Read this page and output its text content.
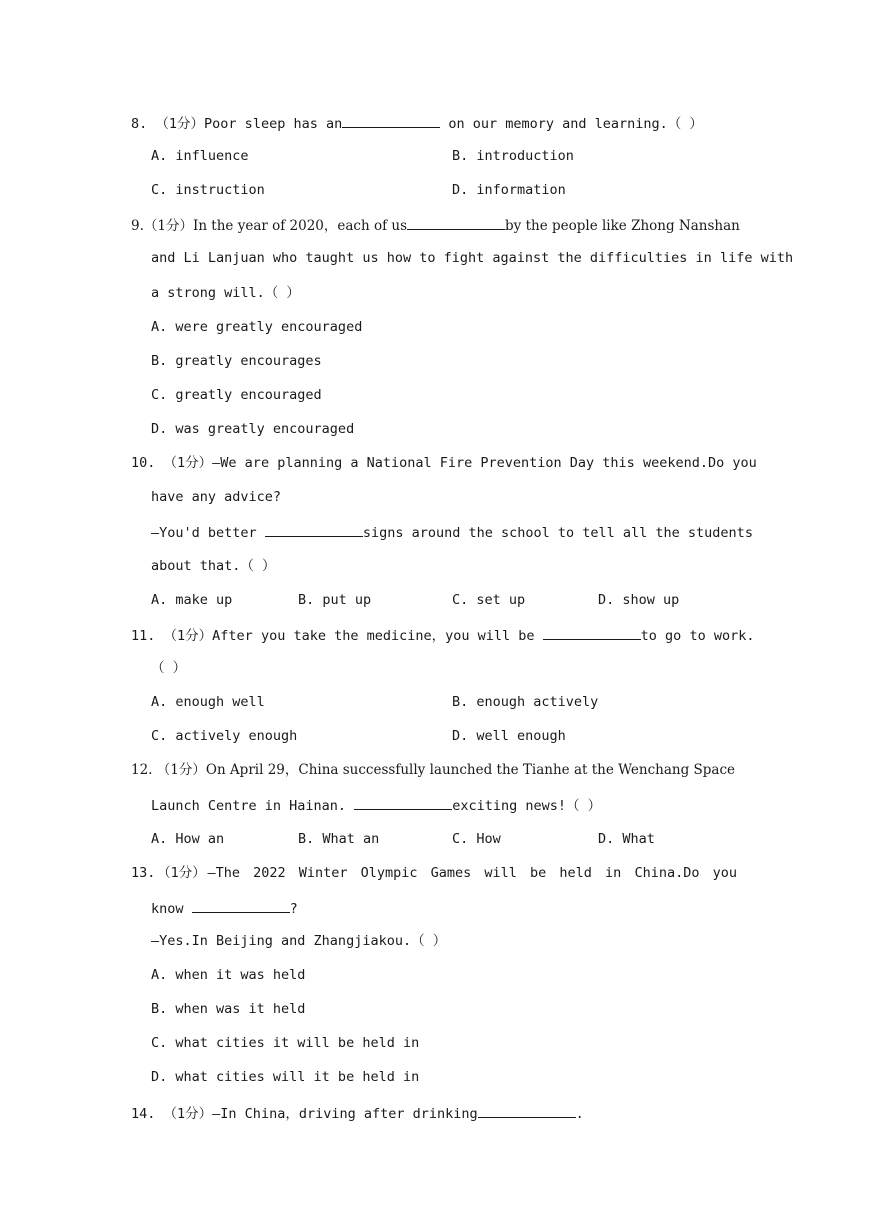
8. （1分）Poor sleep has an	on our memory and learning.（ ）
A. influence	B. introduction
C. instruction	D. information
9.（1分）In the year of 2020，each of us	by the people like Zhong Nanshan
and Li Lanjuan who taught us how to fight against the difficulties in life with
a strong will.（ ）
A. were greatly encouraged
B. greatly encourages
C. greatly encouraged
D. was greatly encouraged
10. （1分）—We are planning a National Fire Prevention Day this weekend.Do you
have any advice?
—You'd better	signs around the school to tell all the students
about that.（ ）
A. make up	B. put up	C. set up	D. show up
11. （1分）After you take the medicine，you will be	to go to work.
（ ）
A. enough well	B. enough actively
C. actively enough	D. well enough
12. （1分）On April 29，China successfully launched the Tianhe at the Wenchang Space
Launch Centre in Hainan.	exciting news!（ ）
A. How an	B. What an	C. How	D. What
13. （1分） —The 2022 Winter Olympic Games will be held in China.Do you
know	?
—Yes.In Beijing and Zhangjiakou.（ ）
A. when it was held
B. when was it held
C. what cities it will be held in
D. what cities will it be held in
14. （1分）—In China，driving after drinking	.
